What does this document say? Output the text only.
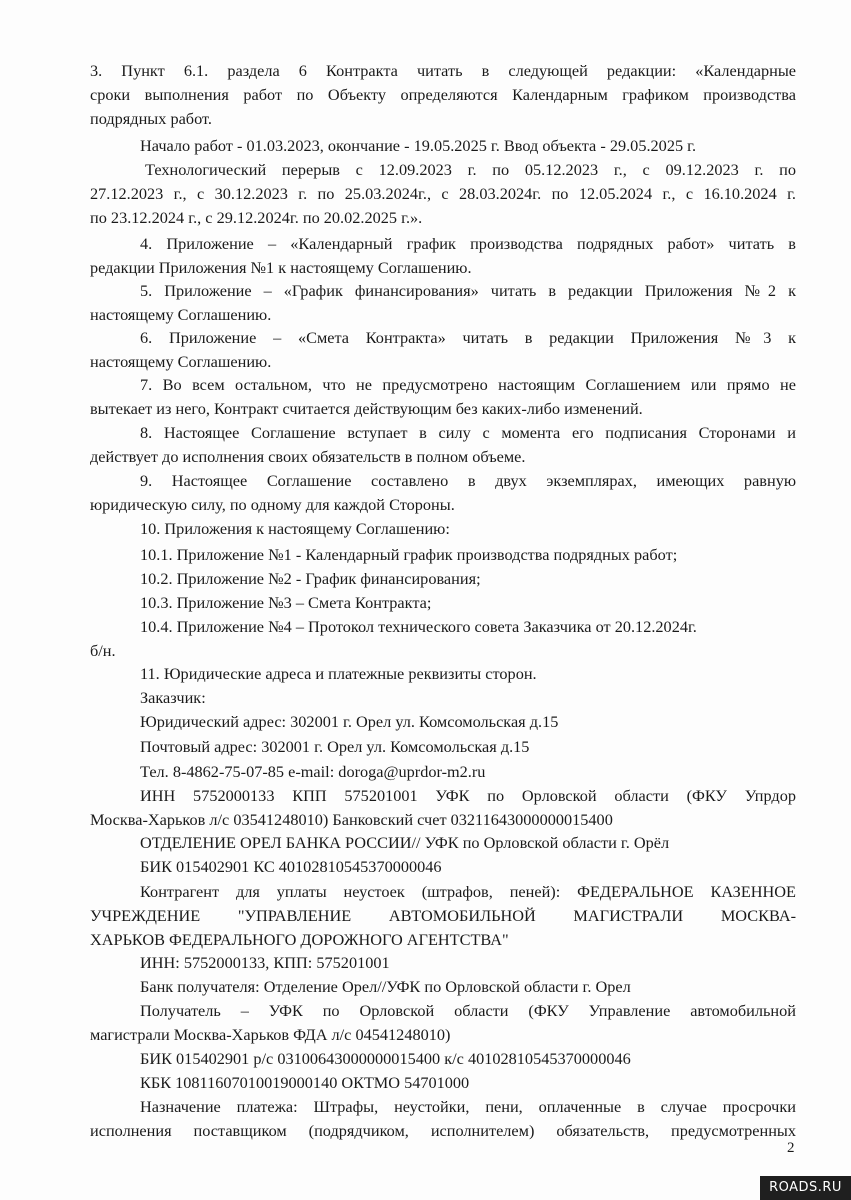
3. Пункт 6.1. раздела 6 Контракта читать в следующей редакции: «Календарные
сроки выполнения работ по Объекту определяются Календарным графиком производства
подрядных работ.
Начало работ - 01.03.2023, окончание - 19.05.2025 г. Ввод объекта - 29.05.2025 г.
Технологический перерыв с 12.09.2023 г. по 05.12.2023 г., с 09.12.2023 г. по
27.12.2023 г., с 30.12.2023 г. по 25.03.2024г., с 28.03.2024г. по 12.05.2024 г., с 16.10.2024 г.
по 23.12.2024 г., с 29.12.2024г. по 20.02.2025 г.».
4. Приложение – «Календарный график производства подрядных работ» читать в
редакции Приложения №1 к настоящему Соглашению.
5. Приложение – «График финансирования» читать в редакции Приложения №2 к
настоящему Соглашению.
6. Приложение – «Смета Контракта» читать в редакции Приложения №3 к
настоящему Соглашению.
7. Во всем остальном, что не предусмотрено настоящим Соглашением или прямо не
вытекает из него, Контракт считается действующим без каких-либо изменений.
8. Настоящее Соглашение вступает в силу с момента его подписания Сторонами и
действует до исполнения своих обязательств в полном объеме.
9. Настоящее Соглашение составлено в двух экземплярах, имеющих равную
юридическую силу, по одному для каждой Стороны.
10. Приложения к настоящему Соглашению:
10.1. Приложение №1 - Календарный график производства подрядных работ;
10.2. Приложение №2 - График финансирования;
10.3. Приложение №3 – Смета Контракта;
10.4. Приложение №4 – Протокол технического совета Заказчика от 20.12.2024г.
б/н.
11. Юридические адреса и платежные реквизиты сторон.
Заказчик:
Юридический адрес: 302001 г. Орел ул. Комсомольская д.15
Почтовый адрес: 302001 г. Орел ул. Комсомольская д.15
Тел. 8-4862-75-07-85 e-mail: doroga@uprdor-m2.ru
ИНН 5752000133 КПП 575201001 УФК по Орловской области (ФКУ Упрдор
Москва-Харьков л/с 03541248010) Банковский счет 03211643000000015400
ОТДЕЛЕНИЕ ОРЕЛ БАНКА РОССИИ// УФК по Орловской области г. Орёл
БИК 015402901 КС 40102810545370000046
Контрагент для уплаты неустоек (штрафов, пеней): ФЕДЕРАЛЬНОЕ КАЗЕННОЕ
УЧРЕЖДЕНИЕ "УПРАВЛЕНИЕ АВТОМОБИЛЬНОЙ МАГИСТРАЛИ МОСКВА-
ХАРЬКОВ ФЕДЕРАЛЬНОГО ДОРОЖНОГО АГЕНТСТВА"
ИНН: 5752000133, КПП: 575201001
Банк получателя: Отделение Орел//УФК по Орловской области г. Орел
Получатель – УФК по Орловской области (ФКУ Управление автомобильной
магистрали Москва-Харьков ФДА л/с 04541248010)
БИК 015402901 р/с 03100643000000015400 к/с 40102810545370000046
КБК 10811607010019000140 ОКТМО 54701000
Назначение платежа: Штрафы, неустойки, пени, оплаченные в случае просрочки
исполнения поставщиком (подрядчиком, исполнителем) обязательств, предусмотренных
2
ROADS.RU
